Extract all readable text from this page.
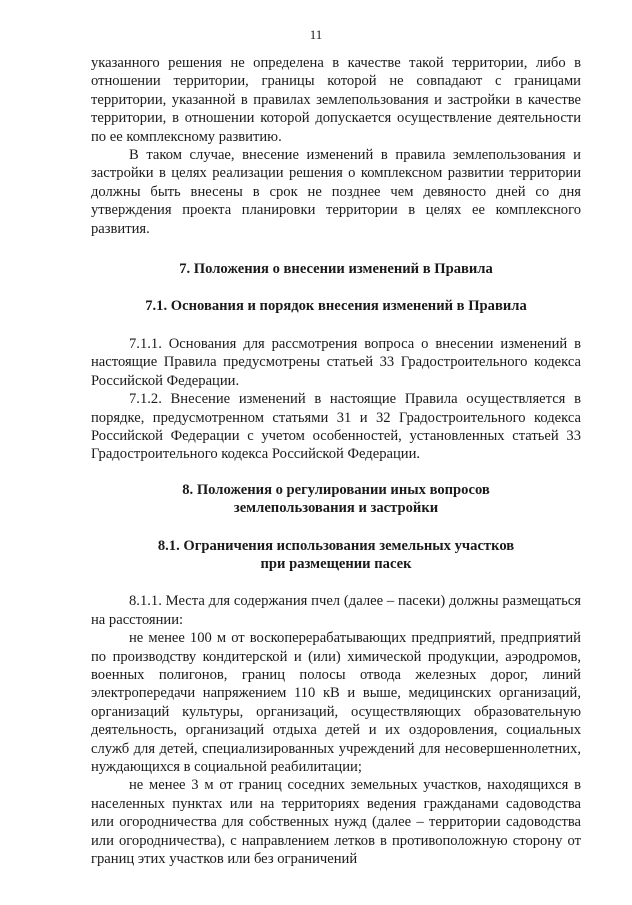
11

указанного решения не определена в качестве такой территории, либо в отношении территории, границы которой не совпадают с границами территории, указанной в правилах землепользования и застройки в качестве территории, в отношении которой допускается осуществление деятельности по ее комплексному развитию.

В таком случае, внесение изменений в правила землепользования и застройки в целях реализации решения о комплексном развитии территории должны быть внесены в срок не позднее чем девяносто дней со дня утверждения проекта планировки территории в целях ее комплексного развития.

7. Положения о внесении изменений в Правила

7.1. Основания и порядок внесения изменений в Правила

7.1.1. Основания для рассмотрения вопроса о внесении изменений в настоящие Правила предусмотрены статьей 33 Градостроительного кодекса Российской Федерации.

7.1.2. Внесение изменений в настоящие Правила осуществляется в порядке, предусмотренном статьями 31 и 32 Градостроительного кодекса Российской Федерации с учетом особенностей, установленных статьей 33 Градостроительного кодекса Российской Федерации.

8. Положения о регулировании иных вопросов
землепользования и застройки
8.1. Ограничения использования земельных участков
при размещении пасек

8.1.1. Места для содержания пчел (далее – пасеки) должны размещаться на расстоянии:

не менее 100 м от воскоперерабатывающих предприятий, предприятий по производству кондитерской и (или) химической продукции, аэродромов, военных полигонов, границ полосы отвода железных дорог, линий электропередачи напряжением 110 кВ и выше, медицинских организаций, организаций культуры, организаций, осуществляющих образовательную деятельность, организаций отдыха детей и их оздоровления, социальных служб для детей, специализированных учреждений для несовершеннолетних, нуждающихся в социальной реабилитации;

не менее 3 м от границ соседних земельных участков, находящихся в населенных пунктах или на территориях ведения гражданами садоводства или огородничества для собственных нужд (далее – территории садоводства или огородничества), с направлением летков в противоположную сторону от границ этих участков или без ограничений
